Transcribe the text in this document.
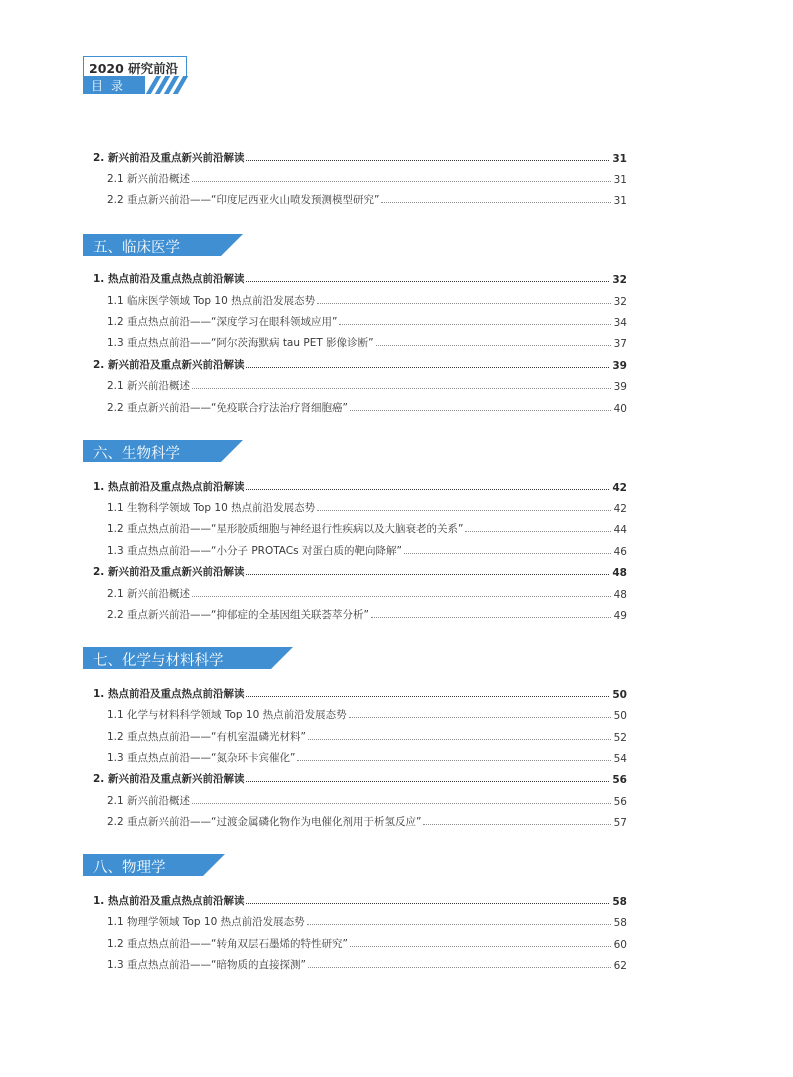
2020 研究前沿
目录
2. 新兴前沿及重点新兴前沿解读	31
2.1 新兴前沿概述	31
2.2 重点新兴前沿——“印度尼西亚火山喷发预测模型研究”	31
五、临床医学
1. 热点前沿及重点热点前沿解读	32
1.1 临床医学领域 Top 10 热点前沿发展态势	32
1.2 重点热点前沿——“深度学习在眼科领域应用”	34
1.3 重点热点前沿——“阿尔茨海默病 tau PET 影像诊断”	37
2. 新兴前沿及重点新兴前沿解读	39
2.1 新兴前沿概述	39
2.2 重点新兴前沿——“免疫联合疗法治疗肾细胞癌”	40
六、生物科学
1. 热点前沿及重点热点前沿解读	42
1.1 生物科学领域 Top 10 热点前沿发展态势	42
1.2 重点热点前沿——“星形胶质细胞与神经退行性疾病以及大脑衰老的关系”	44
1.3 重点热点前沿——“小分子 PROTACs 对蛋白质的靶向降解”	46
2. 新兴前沿及重点新兴前沿解读	48
2.1 新兴前沿概述	48
2.2 重点新兴前沿——“抑郁症的全基因组关联荟萃分析”	49
七、化学与材料科学
1. 热点前沿及重点热点前沿解读	50
1.1 化学与材料科学领域 Top 10 热点前沿发展态势	50
1.2 重点热点前沿——“有机室温磷光材料”	52
1.3 重点热点前沿——“氮杂环卡宾催化”	54
2. 新兴前沿及重点新兴前沿解读	56
2.1 新兴前沿概述	56
2.2 重点新兴前沿——“过渡金属磷化物作为电催化剂用于析氢反应”	57
八、物理学
1. 热点前沿及重点热点前沿解读	58
1.1 物理学领域 Top 10 热点前沿发展态势	58
1.2 重点热点前沿——“转角双层石墨烯的特性研究”	60
1.3 重点热点前沿——“暗物质的直接探测”	62
